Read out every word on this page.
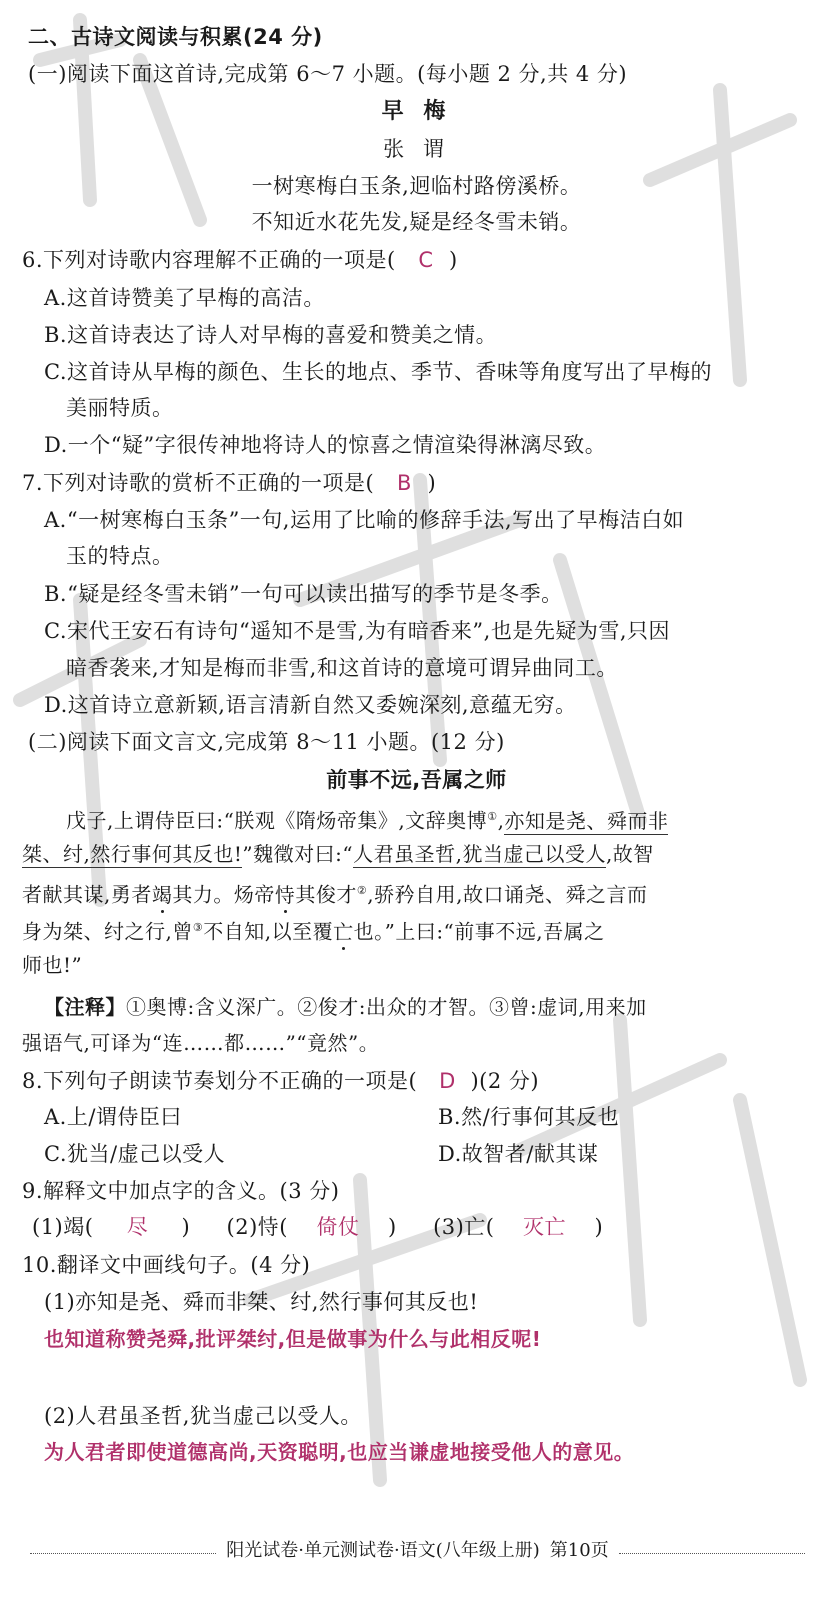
二、古诗文阅读与积累(24 分)
(一)阅读下面这首诗,完成第 6～7 小题。(每小题 2 分,共 4 分)
早 梅
张 谓
一树寒梅白玉条,迥临村路傍溪桥。
不知近水花先发,疑是经冬雪未销。
6.下列对诗歌内容理解不正确的一项是( C )
A.这首诗赞美了早梅的高洁。
B.这首诗表达了诗人对早梅的喜爱和赞美之情。
C.这首诗从早梅的颜色、生长的地点、季节、香味等角度写出了早梅的
美丽特质。
D.一个“疑”字很传神地将诗人的惊喜之情渲染得淋漓尽致。
7.下列对诗歌的赏析不正确的一项是( B )
A.“一树寒梅白玉条”一句,运用了比喻的修辞手法,写出了早梅洁白如
玉的特点。
B.“疑是经冬雪未销”一句可以读出描写的季节是冬季。
C.宋代王安石有诗句“遥知不是雪,为有暗香来”,也是先疑为雪,只因
暗香袭来,才知是梅而非雪,和这首诗的意境可谓异曲同工。
D.这首诗立意新颖,语言清新自然又委婉深刻,意蕴无穷。
(二)阅读下面文言文,完成第 8～11 小题。(12 分)
前事不远,吾属之师
戊子,上谓侍臣曰:“朕观《隋炀帝集》,文辞奥博①,亦知是尧、舜而非
桀、纣,然行事何其反也!”魏徵对曰:“人君虽圣哲,犹当虚己以受人,故智
者献其谋,勇者竭其力。炀帝恃其俊才②,骄矜自用,故口诵尧、舜之言而
身为桀、纣之行,曾③不自知,以至覆亡也。”上曰:“前事不远,吾属之
师也!”
【注释】①奥博:含义深广。②俊才:出众的才智。③曾:虚词,用来加
强语气,可译为“连……都……”“竟然”。
8.下列句子朗读节奏划分不正确的一项是( D )(2 分)
A.上/谓侍臣曰	B.然/行事何其反也
C.犹当/虚己以受人	D.故智者/献其谋
9.解释文中加点字的含义。(3 分)
(1)竭( 尽 ) (2)恃( 倚仗 ) (3)亡( 灭亡 )
10.翻译文中画线句子。(4 分)
(1)亦知是尧、舜而非桀、纣,然行事何其反也!
也知道称赞尧舜,批评桀纣,但是做事为什么与此相反呢!
(2)人君虽圣哲,犹当虚己以受人。
为人君者即使道德高尚,天资聪明,也应当谦虚地接受他人的意见。
阳光试卷·单元测试卷·语文(八年级上册) 第10页
